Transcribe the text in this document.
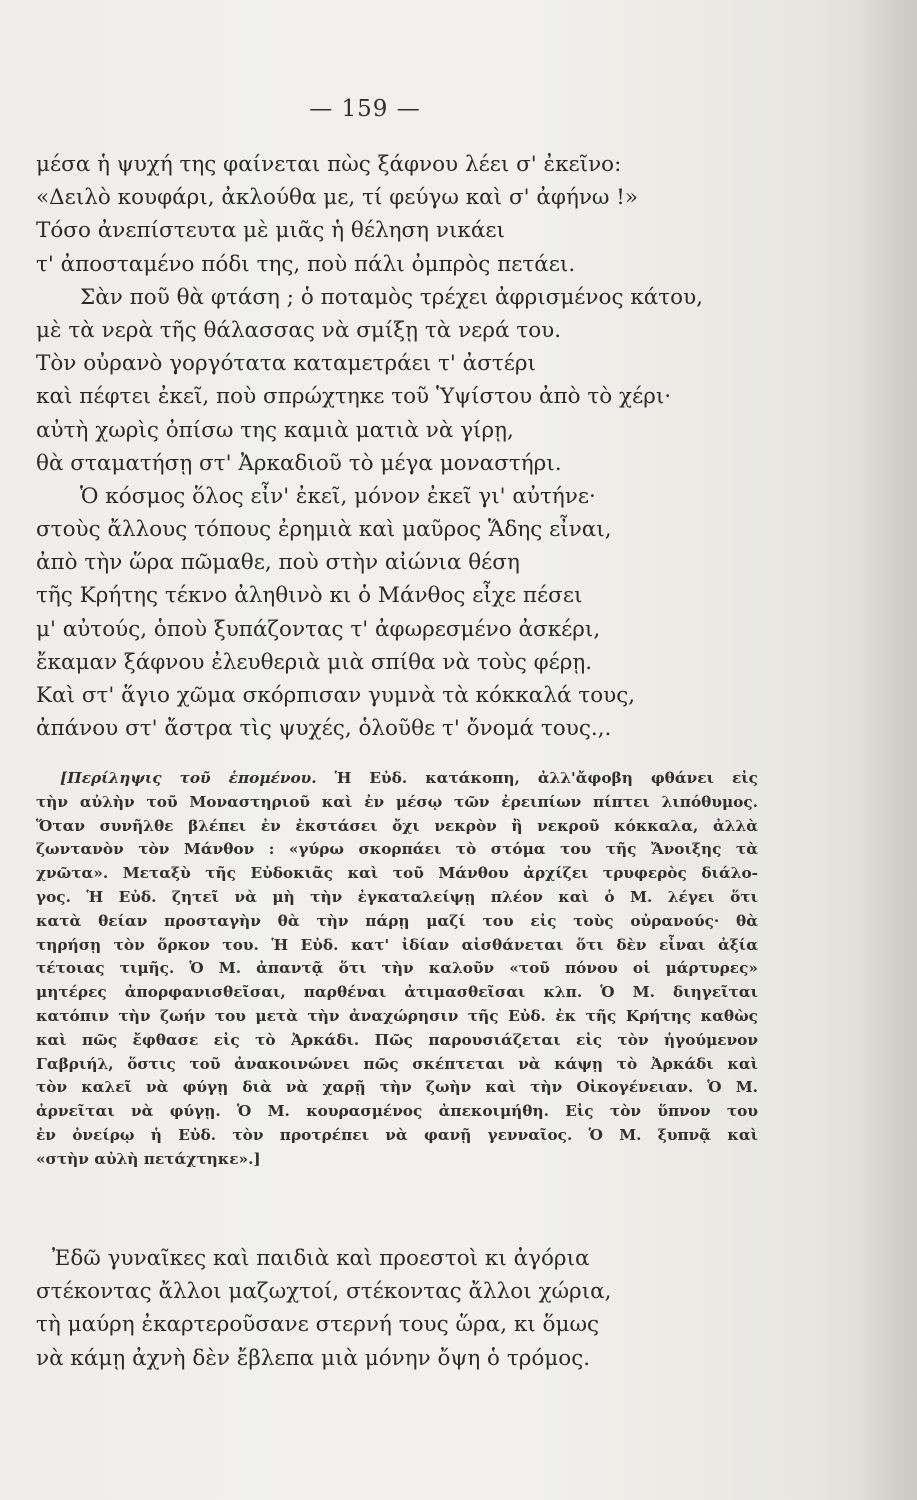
— 159 —
μέσα ἡ ψυχή της φαίνεται πὼς ξάφνου λέει σ' ἐκεῖνο:
«Δειλὸ κουφάρι, ἀκλούθα με, τί φεύγω καὶ σ' ἀφήνω !»
Τόσο ἀνεπίστευτα μὲ μιᾶς ἡ θέληση νικάει
τ' ἀποσταμένο πόδι της, ποὺ πάλι ὀμπρὸς πετάει.
Σὰν ποῦ θὰ φτάση ; ὁ ποταμὸς τρέχει ἀφρισμένος κάτου,
μὲ τὰ νερὰ τῆς θάλασσας νὰ σμίξῃ τὰ νερά του.
Τὸν οὐρανὸ γοργότατα καταμετράει τ' ἀστέρι
καὶ πέφτει ἐκεῖ, ποὺ σπρώχτηκε τοῦ Ὑψίστου ἀπὸ τὸ χέρι·
αὐτὴ χωρὶς ὀπίσω της καμιὰ ματιὰ νὰ γίρῃ,
θὰ σταματήσῃ στ' Ἀρκαδιοῦ τὸ μέγα μοναστήρι.
Ὁ κόσμος ὅλος εἶν' ἐκεῖ, μόνον ἐκεῖ γι' αὐτήνε·
στοὺς ἄλλους τόπους ἐρημιὰ καὶ μαῦρος Ἅδης εἶναι,
ἀπὸ τὴν ὥρα πῶμαθε, ποὺ στὴν αἰώνια θέση
τῆς Κρήτης τέκνο ἀληθινὸ κι ὁ Μάνθος εἶχε πέσει
μ' αὐτούς, ὁποὺ ξυπάζοντας τ' ἀφωρεσμένο ἀσκέρι,
ἔκαμαν ξάφνου ἐλευθεριὰ μιὰ σπίθα νὰ τοὺς φέρῃ.
Καὶ στ' ἅγιο χῶμα σκόρπισαν γυμνὰ τὰ κόκκαλά τους,
ἀπάνου στ' ἄστρα τὶς ψυχές, ὁλοῦθε τ' ὄνομά τους.,.
[Περίληψις τοῦ ἑπομένου. Ἡ Εὐδ. κατάκοπη, ἀλλ'ἄφοβη φθάνει εἰς
τὴν αὐλὴν τοῦ Μοναστηριοῦ καὶ ἐν μέσῳ τῶν ἐρειπίων πίπτει λιπόθυμος.
Ὅταν συνῆλθε βλέπει ἐν ἐκστάσει ὄχι νεκρὸν ἢ νεκροῦ κόκκαλα, ἀλλὰ
ζωντανὸν τὸν Μάνθον : «γύρω σκορπάει τὸ στόμα του τῆς Ἄνοιξης τὰ
χνῶτα». Μεταξὺ τῆς Εὐδοκιᾶς καὶ τοῦ Μάνθου ἀρχίζει τρυφερὸς διάλο-
γος. Ἡ Εὐδ. ζητεῖ νὰ μὴ τὴν ἐγκαταλείψῃ πλέον καὶ ὁ Μ. λέγει ὅτι
κατὰ θείαν προσταγὴν θὰ τὴν πάρῃ μαζί του εἰς τοὺς οὐρανούς· θὰ
τηρήσῃ τὸν ὅρκον του. Ἡ Εὐδ. κατ' ἰδίαν αἰσθάνεται ὅτι δὲν εἶναι ἀξία
τέτοιας τιμῆς. Ὁ Μ. ἀπαντᾷ ὅτι τὴν καλοῦν «τοῦ πόνου οἱ μάρτυρες»
μητέρες ἀπορφανισθεῖσαι, παρθέναι ἀτιμασθεῖσαι κλπ. Ὁ Μ. διηγεῖται
κατόπιν τὴν ζωήν του μετὰ τὴν ἀναχώρησιν τῆς Εὐδ. ἐκ τῆς Κρήτης καθὼς
καὶ πῶς ἔφθασε εἰς τὸ Ἀρκάδι. Πῶς παρουσιάζεται εἰς τὸν ἡγούμενον
Γαβριήλ, ὅστις τοῦ ἀνακοινώνει πῶς σκέπτεται νὰ κάψῃ τὸ Ἀρκάδι καὶ
τὸν καλεῖ νὰ φύγῃ διὰ νὰ χαρῇ τὴν ζωὴν καὶ τὴν Οἰκογένειαν. Ὁ Μ.
ἀρνεῖται νὰ φύγῃ. Ὁ Μ. κουρασμένος ἀπεκοιμήθη. Εἰς τὸν ὕπνον του
ἐν ὀνείρῳ ἡ Εὐδ. τὸν προτρέπει νὰ φανῇ γενναῖος. Ὁ Μ. ξυπνᾷ καὶ
«στὴν αὐλὴ πετάχτηκε».]
Ἐδῶ γυναῖκες καὶ παιδιὰ καὶ προεστοὶ κι ἀγόρια
στέκοντας ἄλλοι μαζωχτοί, στέκοντας ἄλλοι χώρια,
τὴ μαύρη ἐκαρτεροῦσανε στερνή τους ὥρα, κι ὅμως
νὰ κάμῃ ἀχνὴ δὲν ἔβλεπα μιὰ μόνην ὄψη ὁ τρόμος.
